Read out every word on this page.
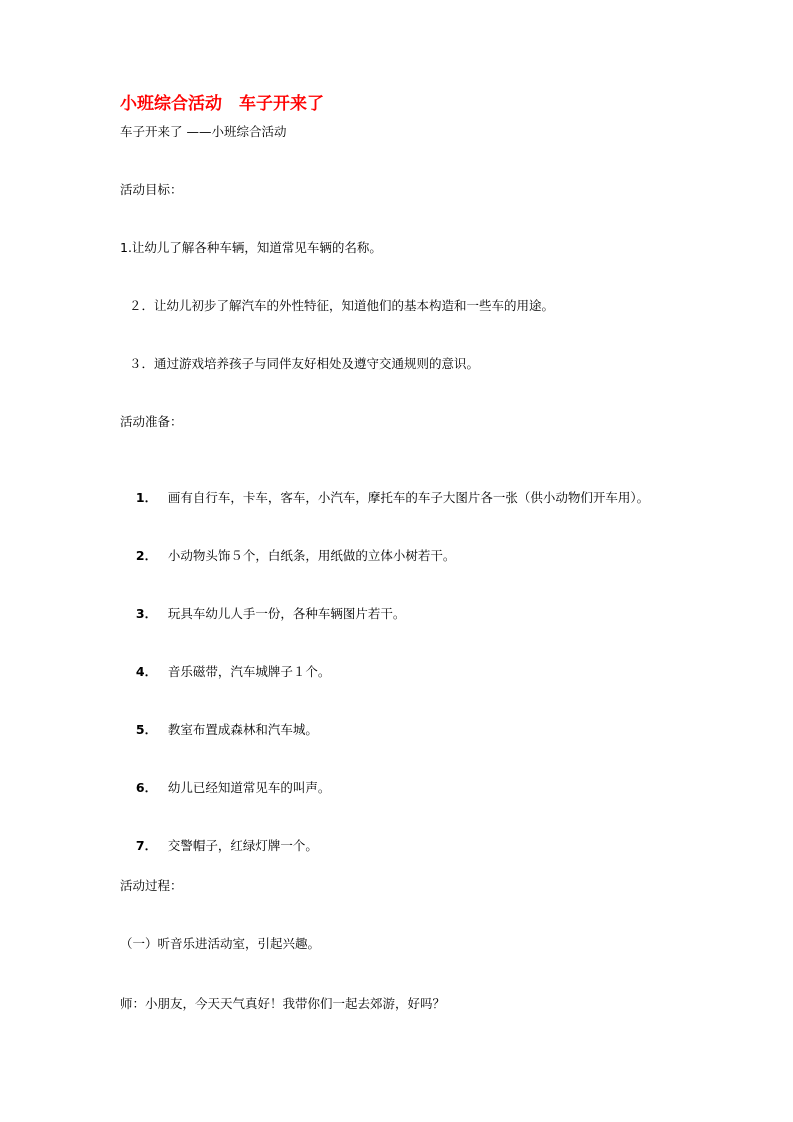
小班综合活动　车子开来了
车子开来了 ——小班综合活动
活动目标：
1.让幼儿了解各种车辆，知道常见车辆的名称。
２．让幼儿初步了解汽车的外性特征，知道他们的基本构造和一些车的用途。
３．通过游戏培养孩子与同伴友好相处及遵守交通规则的意识。
活动准备：

1． 画有自行车，卡车，客车，小汽车，摩托车的车子大图片各一张（供小动物们开车用）。

2． 小动物头饰５个，白纸条，用纸做的立体小树若干。

3． 玩具车幼儿人手一份，各种车辆图片若干。

4． 音乐磁带，汽车城牌子１个。

5． 教室布置成森林和汽车城。

6． 幼儿已经知道常见车的叫声。

7． 交警帽子，红绿灯牌一个。

活动过程：
（一）听音乐进活动室，引起兴趣。
师：小朋友，今天天气真好！我带你们一起去郊游，好吗？
